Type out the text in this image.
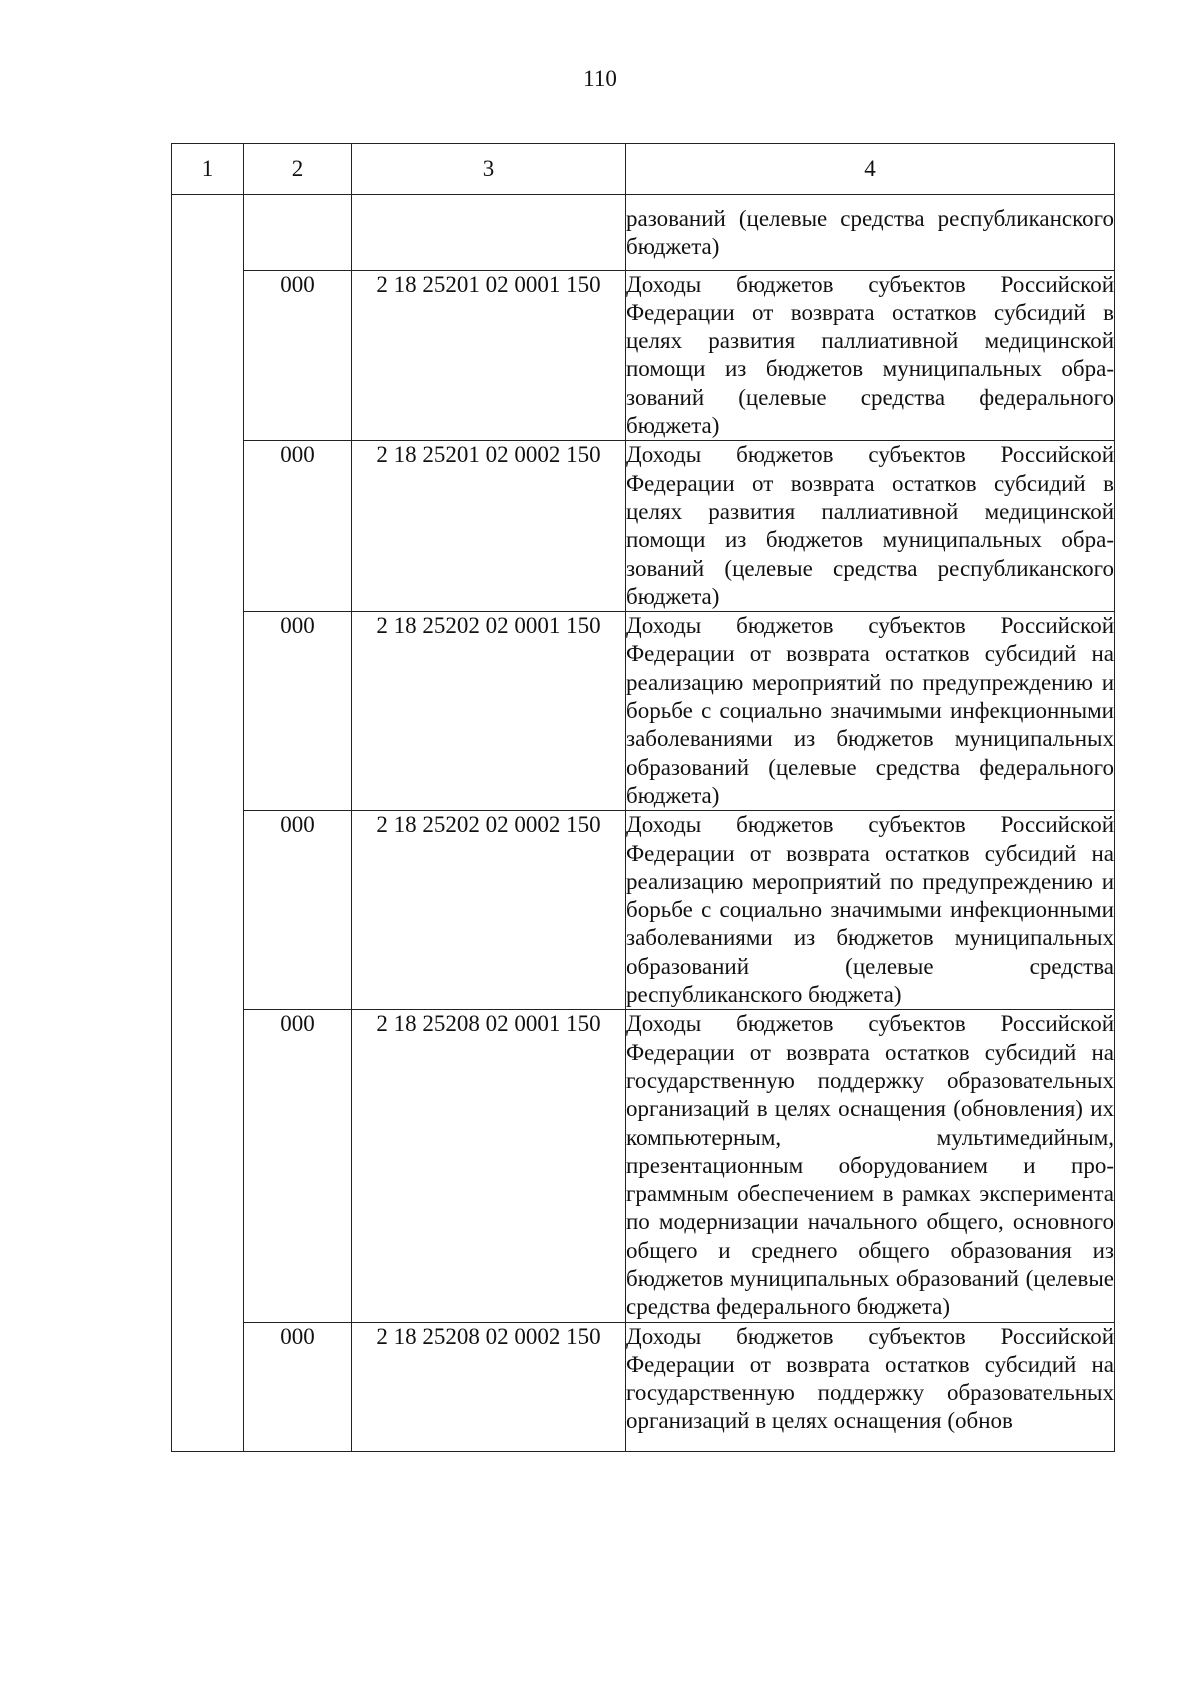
110
1	2	3	4
			разований (целевые средства республиканского бюджета)
	000	2 18 25201 02 0001 150	Доходы бюджетов субъектов Российской Федерации от возврата остатков субсидий в целях развития паллиативной медицинской помощи из бюджетов муниципальных образований (целевые средства федерального бюджета)
	000	2 18 25201 02 0002 150	Доходы бюджетов субъектов Российской Федерации от возврата остатков субсидий в целях развития паллиативной медицинской помощи из бюджетов муниципальных образований (целевые средства республиканского бюджета)
	000	2 18 25202 02 0001 150	Доходы бюджетов субъектов Российской Федерации от возврата остатков субсидий на реализацию мероприятий по предупреждению и борьбе с социально значимыми инфекционными заболеваниями из бюджетов муниципальных образований (целевые средства федерального бюджета)
	000	2 18 25202 02 0002 150	Доходы бюджетов субъектов Российской Федерации от возврата остатков субсидий на реализацию мероприятий по предупреждению и борьбе с социально значимыми инфекционными заболеваниями из бюджетов муниципальных образований (целевые средства республиканского бюджета)
	000	2 18 25208 02 0001 150	Доходы бюджетов субъектов Российской Федерации от возврата остатков субсидий на государственную поддержку образовательных организаций в целях оснащения (обновления) их компьютерным, мультимедийным, презентационным оборудованием и программным обеспечением в рамках эксперимента по модернизации начального общего, основного общего и среднего общего образования из бюджетов муниципальных образований (целевые средства федерального бюджета)
	000	2 18 25208 02 0002 150	Доходы бюджетов субъектов Российской Федерации от возврата остатков субсидий на государственную поддержку образовательных организаций в целях оснащения (обнов
